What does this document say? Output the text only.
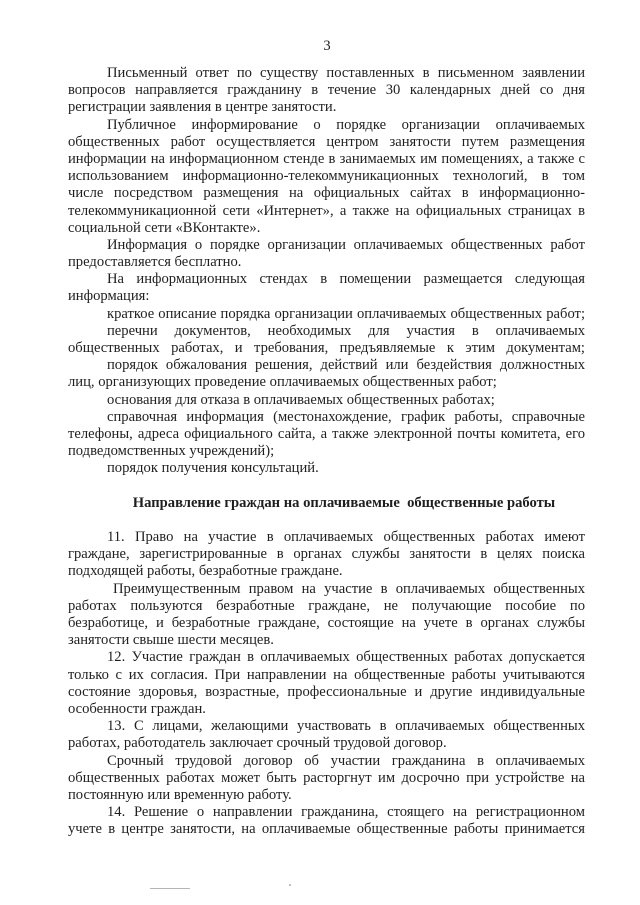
3
Письменный ответ по существу поставленных в письменном заявлении
вопросов направляется гражданину в течение 30 календарных дней со дня
регистрации заявления в центре занятости.
Публичное информирование о порядке организации оплачиваемых
общественных работ осуществляется центром занятости путем размещения
информации на информационном стенде в занимаемых им помещениях, а также с
использованием информационно-телекоммуникационных технологий, в том
числе посредством размещения на официальных сайтах в информационно-
телекоммуникационной сети «Интернет», а также на официальных страницах в
социальной сети «ВКонтакте».
Информация о порядке организации оплачиваемых общественных работ
предоставляется бесплатно.
На информационных стендах в помещении размещается следующая
информация:
краткое описание порядка организации оплачиваемых общественных работ;
перечни документов, необходимых для участия в оплачиваемых
общественных работах, и требования, предъявляемые к этим документам;
порядок обжалования решения, действий или бездействия должностных
лиц, организующих проведение оплачиваемых общественных работ;
основания для отказа в оплачиваемых общественных работах;
справочная информация (местонахождение, график работы, справочные
телефоны, адреса официального сайта, а также электронной почты комитета, его
подведомственных учреждений);
порядок получения консультаций.
Направление граждан на оплачиваемые  общественные работы
11. Право на участие в оплачиваемых общественных работах имеют
граждане, зарегистрированные в органах службы занятости в целях поиска
подходящей работы, безработные граждане.
Преимущественным правом на участие в оплачиваемых общественных
работах пользуются безработные граждане, не получающие пособие по
безработице, и безработные граждане, состоящие на учете в органах службы
занятости свыше шести месяцев.
12. Участие граждан в оплачиваемых общественных работах допускается
только с их согласия. При направлении на общественные работы учитываются
состояние здоровья, возрастные, профессиональные и другие индивидуальные
особенности граждан.
13. С лицами, желающими участвовать в оплачиваемых общественных
работах, работодатель заключает срочный трудовой договор.
Срочный трудовой договор об участии гражданина в оплачиваемых
общественных работах может быть расторгнут им досрочно при устройстве на
постоянную или временную работу.
14. Решение о направлении гражданина, стоящего на регистрационном
учете в центре занятости, на оплачиваемые общественные работы принимается
